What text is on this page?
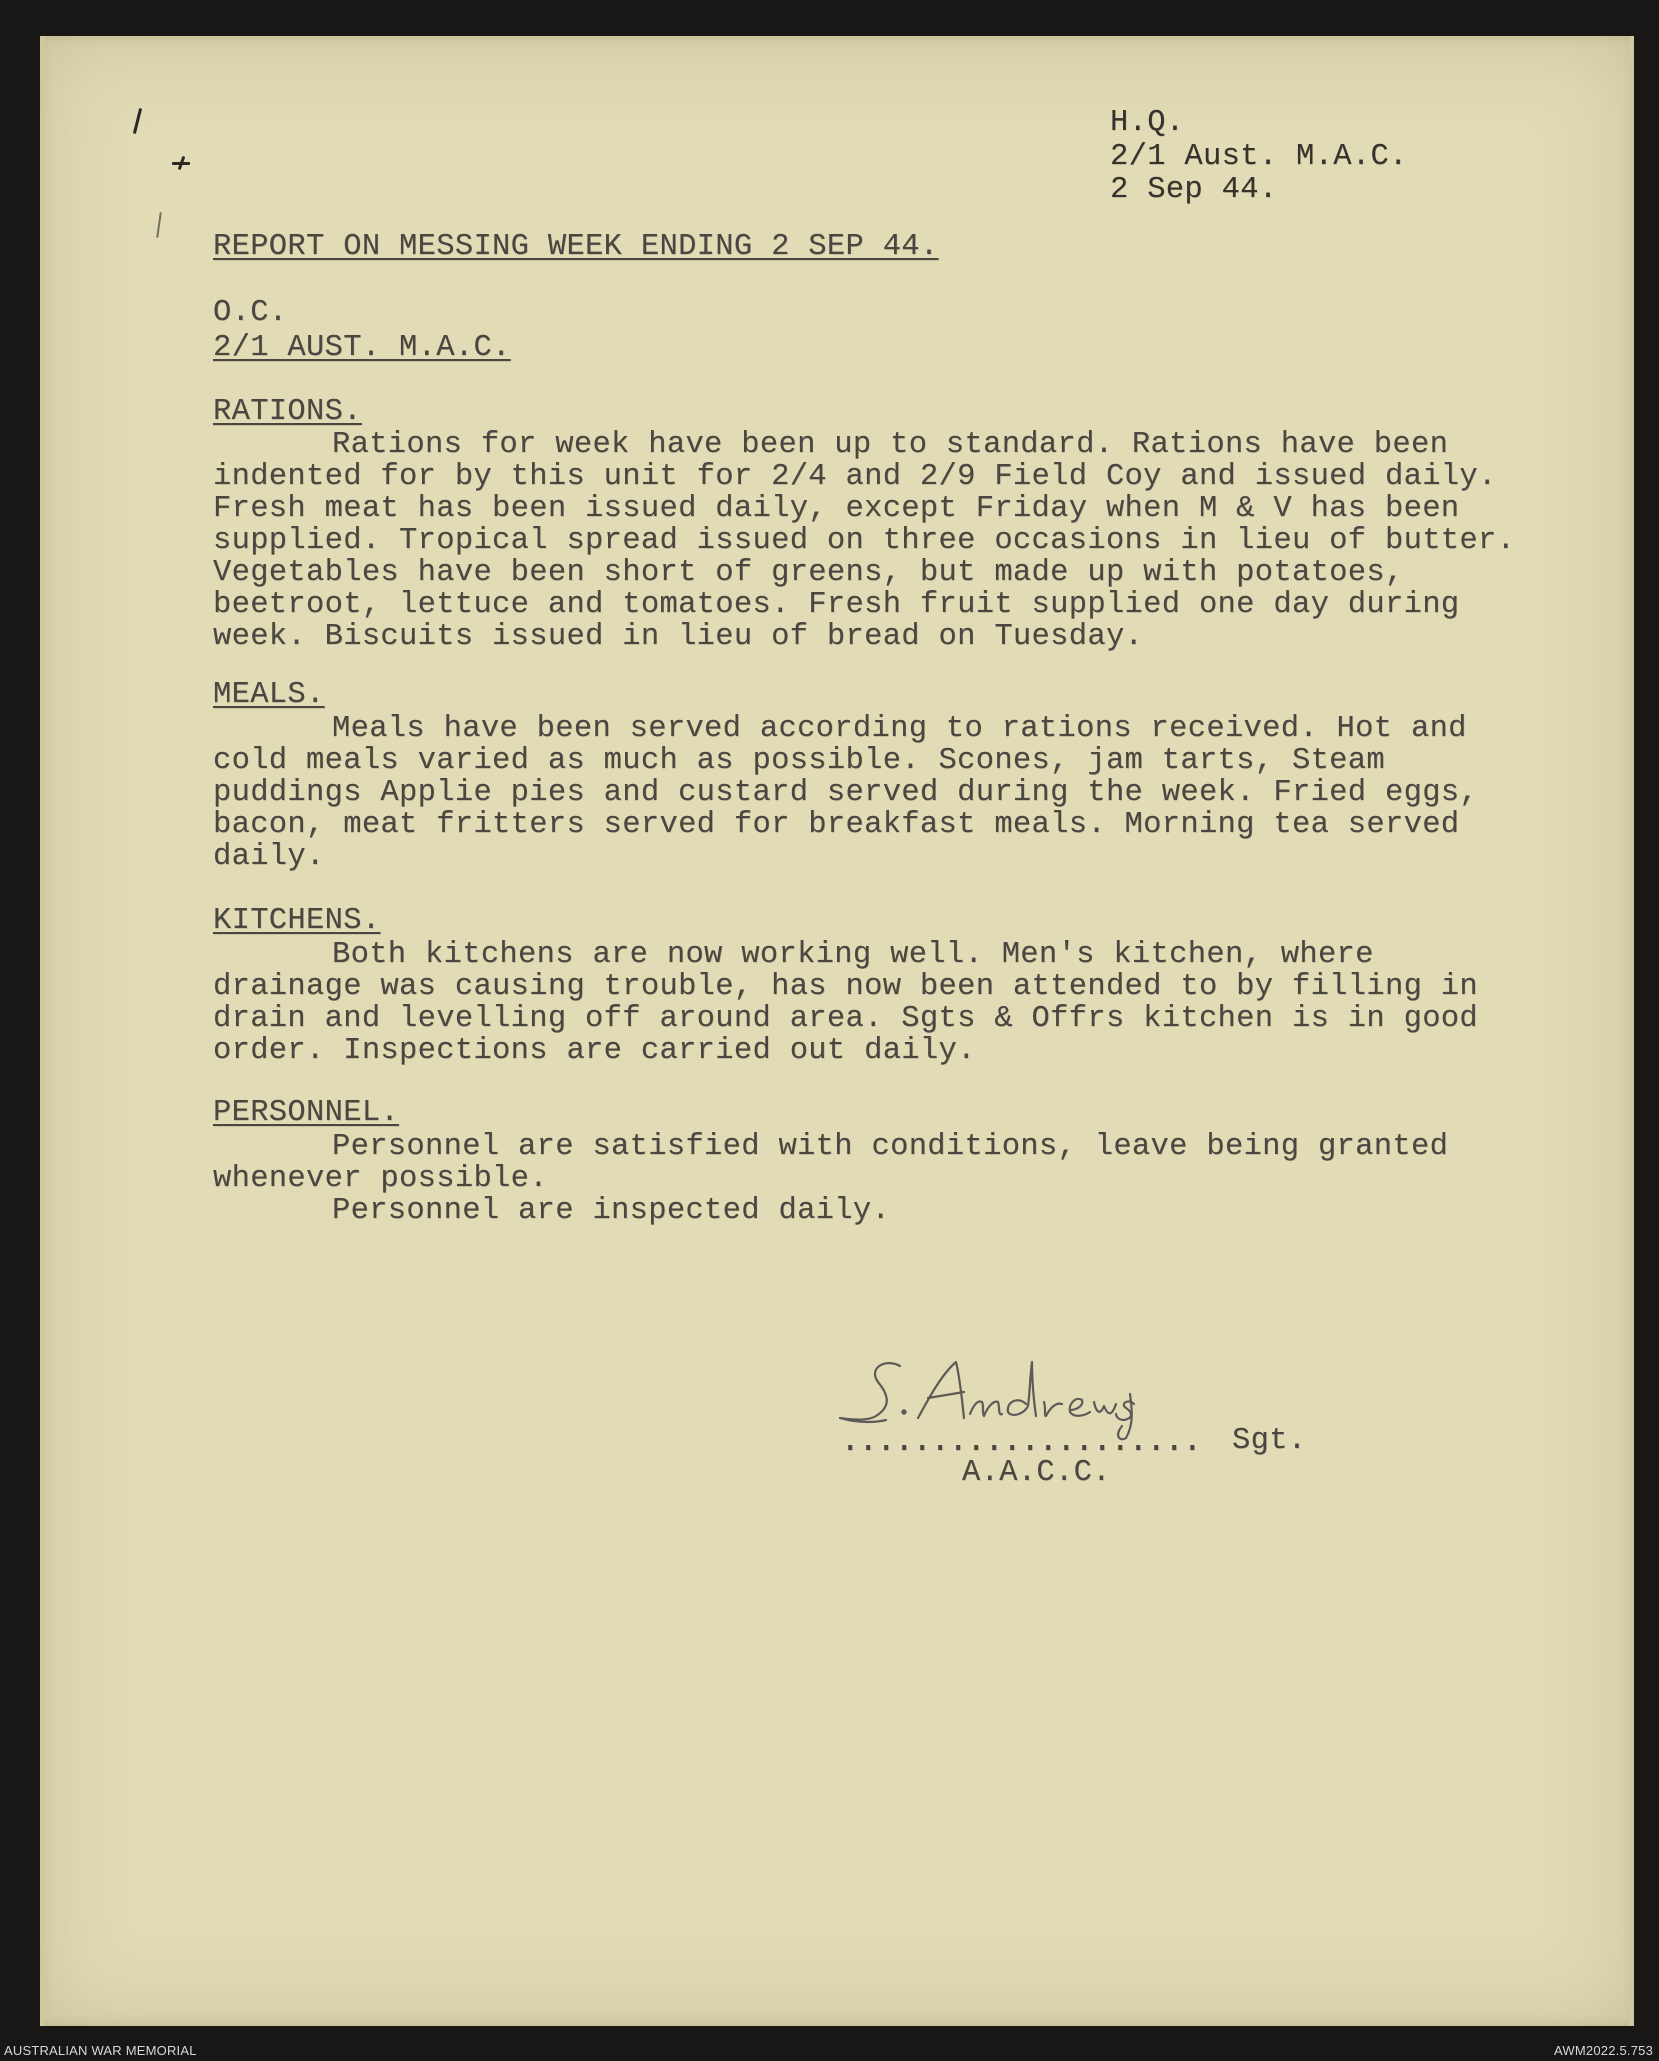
H.Q.
2/1 Aust. M.A.C.
2 Sep 44.
REPORT ON MESSING WEEK ENDING 2 SEP 44.
O.C.
2/1 AUST. M.A.C.
RATIONS.
Rations for week have been up to standard. Rations have been
indented for by this unit for 2/4 and 2/9 Field Coy and issued daily.
Fresh meat has been issued daily, except Friday when M & V has been
supplied. Tropical spread issued on three occasions in lieu of butter.
Vegetables have been short of greens, but made up with potatoes,
beetroot, lettuce and tomatoes. Fresh fruit supplied one day during
week. Biscuits issued in lieu of bread on Tuesday.
MEALS.
Meals have been served according to rations received. Hot and
cold meals varied as much as possible. Scones, jam tarts, Steam
puddings Applie pies and custard served during the week. Fried eggs,
bacon, meat fritters served for breakfast meals. Morning tea served
daily.
KITCHENS.
Both kitchens are now working well. Men's kitchen, where
drainage was causing trouble, has now been attended to by filling in
drain and levelling off around area. Sgts & Offrs kitchen is in good
order. Inspections are carried out daily.
PERSONNEL.
Personnel are satisfied with conditions, leave being granted
whenever possible.
Personnel are inspected daily.
.................... Sgt.
A.A.C.C.
AUSTRALIAN WAR MEMORIAL	AWM2022.5.753
